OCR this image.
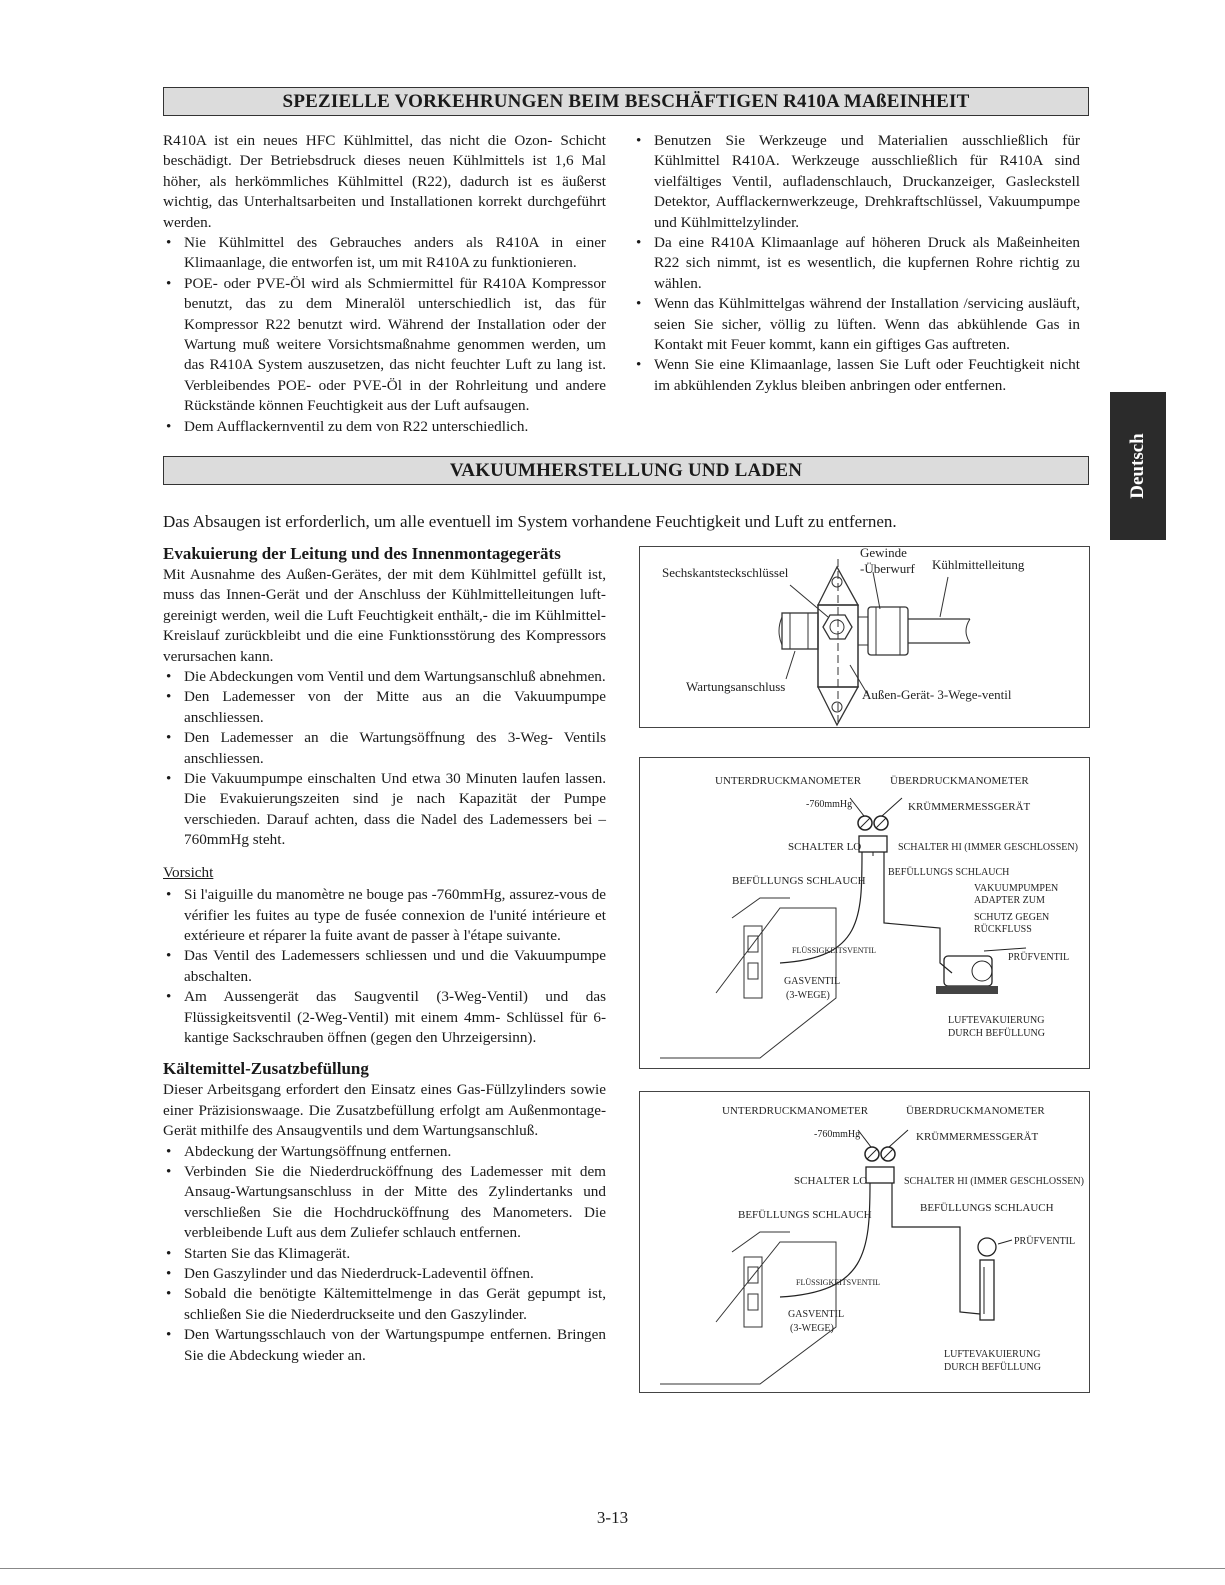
SPEZIELLE VORKEHRUNGEN BEIM BESCHÄFTIGEN R410A MAßEINHEIT

R410A ist ein neues HFC Kühlmittel, das nicht die Ozon- Schicht beschädigt. Der Betriebsdruck dieses neuen Kühlmittels ist 1,6 Mal höher, als herkömmliches Kühlmittel (R22), dadurch ist es äußerst wichtig, das Unterhaltsarbeiten und Installationen korrekt durchgeführt werden.

• Nie Kühlmittel des Gebrauches anders als R410A in einer Klimaanlage, die entworfen ist, um mit R410A zu funktionieren.
• POE- oder PVE-Öl wird als Schmiermittel für R410A Kompressor benutzt, das zu dem Mineralöl unterschiedlich ist, das für Kompressor R22 benutzt wird. Während der Installation oder der Wartung muß weitere Vorsichtsmaßnahme genommen werden, um das R410A System auszusetzen, das nicht feuchter Luft zu lang ist. Verbleibendes POE- oder PVE-Öl in der Rohrleitung und andere Rückstände können Feuchtigkeit aus der Luft aufsaugen.
• Dem Aufflackernventil zu dem von R22 unterschiedlich.
• Benutzen Sie Werkzeuge und Materialien ausschließlich für Kühlmittel R410A. Werkzeuge ausschließlich für R410A sind vielfältiges Ventil, aufladenschlauch, Druckanzeiger, Gasleckstell Detektor, Aufflackernwerkzeuge, Drehkraftschlüssel, Vakuumpumpe und Kühlmittelzylinder.
• Da eine R410A Klimaanlage auf höheren Druck als Maßeinheiten R22 sich nimmt, ist es wesentlich, die kupfernen Rohre richtig zu wählen.
• Wenn das Kühlmittelgas während der Installation /servicing ausläuft, seien Sie sicher, völlig zu lüften. Wenn das abkühlende Gas in Kontakt mit Feuer kommt, kann ein giftiges Gas auftreten.
• Wenn Sie eine Klimaanlage, lassen Sie Luft oder Feuchtigkeit nicht im abkühlenden Zyklus bleiben anbringen oder entfernen.
Deutsch
VAKUUMHERSTELLUNG UND LADEN
Das Absaugen ist erforderlich, um alle eventuell im System vorhandene Feuchtigkeit und Luft zu entfernen.
Evakuierung der Leitung und des Innenmontagegeräts

Mit Ausnahme des Außen-Gerätes, der mit dem Kühlmittel gefüllt ist, muss das Innen-Gerät und der Anschluss der Kühlmittelleitungen luft-gereinigt werden, weil die Luft Feuchtigkeit enthält,- die im Kühlmittel-Kreislauf zurückbleibt und die eine Funktionsstörung des Kompressors verursachen kann.

• Die Abdeckungen vom Ventil und dem Wartungsanschluß abnehmen.
• Den Lademesser von der Mitte aus an die Vakuumpumpe anschliessen.
• Den Lademesser an die Wartungsöffnung des 3-Weg- Ventils anschliessen.
• Die Vakuumpumpe einschalten Und etwa 30 Minuten laufen lassen. Die Evakuierungszeiten sind je nach Kapazität der Pumpe verschieden. Darauf achten, dass die Nadel des Lademessers bei –760mmHg steht.
Vorsicht
• Si l'aiguille du manomètre ne bouge pas -760mmHg, assurez-vous de vérifier les fuites au type de fusée connexion de l'unité intérieure et extérieure et réparer la fuite avant de passer à l'étape suivante.
• Das Ventil des Lademessers schliessen und und die Vakuumpumpe abschalten.
• Am Aussengerät das Saugventil (3-Weg-Ventil) und das Flüssigkeitsventil (2-Weg-Ventil) mit einem 4mm- Schlüssel für 6-kantige Sackschrauben öffnen (gegen den Uhrzeigersinn).
Kältemittel-Zusatzbefüllung

Dieser Arbeitsgang erfordert den Einsatz eines Gas-Füllzylinders sowie einer Präzisionswaage. Die Zusatzbefüllung erfolgt am Außenmontage-Gerät mithilfe des Ansaugventils und dem Wartungsanschluß.

• Abdeckung der Wartungsöffnung entfernen.
• Verbinden Sie die Niederdrucköffnung des Lademesser mit dem Ansaug-Wartungsanschluss in der Mitte des Zylindertanks und verschließen Sie die Hochdrucköffnung des Manometers. Die verbleibende Luft aus dem Zuliefer schlauch entfernen.
• Starten Sie das Klimagerät.
• Den Gaszylinder und das Niederdruck-Ladeventil öffnen.
• Sobald die benötigte Kältemittelmenge in das Gerät gepumpt ist, schließen Sie die Niederdruckseite und den Gaszylinder.
• Den Wartungsschlauch von der Wartungspumpe entfernen. Bringen Sie die Abdeckung wieder an.
Sechskantsteckschlüssel
Gewinde
-Überwurf Kühlmittelleitung
Wartungsanschluss
Außen-Gerät- 3-Wege-ventil
UNTERDRUCKMANOMETER	ÜBERDRUCKMANOMETER
-760mmHg	KRÜMMERMESSGERÄT
SCHALTER LO	SCHALTER HI (IMMER GESCHLOSSEN)
BEFÜLLUNGS SCHLAUCH
BEFÜLLUNGS SCHLAUCH
VAKUUMPUMPEN
ADAPTER ZUM
SCHUTZ GEGEN
RÜCKFLUSS
PRÜFVENTIL
FLÜSSIGKEITSVENTIL
GASVENTIL
(3-WEGE)
LUFTEVAKUIERUNG
DURCH BEFÜLLUNG
UNTERDRUCKMANOMETER	ÜBERDRUCKMANOMETER
-760mmHg	KRÜMMERMESSGERÄT
SCHALTER LO	SCHALTER HI (IMMER GESCHLOSSEN)
BEFÜLLUNGS SCHLAUCH
BEFÜLLUNGS SCHLAUCH
PRÜFVENTIL
FLÜSSIGKEITSVENTIL
GASVENTIL
(3-WEGE)
LUFTEVAKUIERUNG
DURCH BEFÜLLUNG
3-13
